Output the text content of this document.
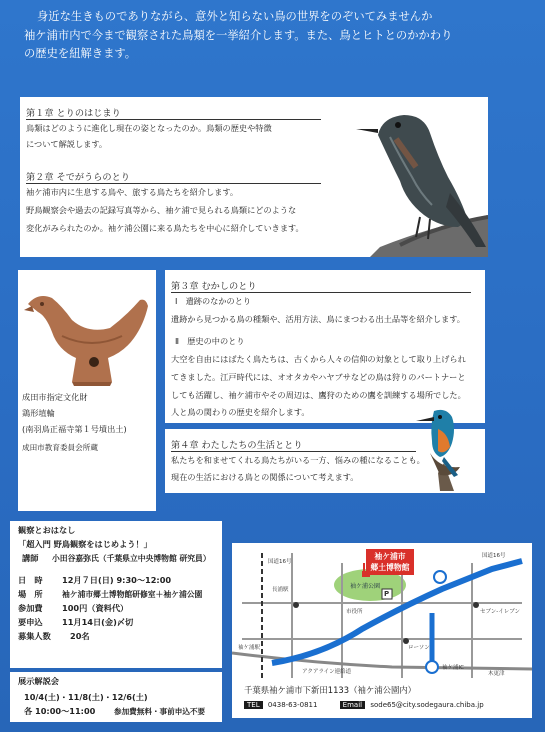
身近な生きものでありながら、意外と知らない鳥の世界をのぞいてみませんか
袖ケ浦市内で今まで観察された鳥類を一挙紹介します。また、鳥とヒトとのかかわり
の歴史を紐解きます。
第１章 とりのはじまり
鳥類はどのように進化し現在の姿となったのか。鳥類の歴史や特徴
について解説します。
第２章 そでがうらのとり
袖ケ浦市内に生息する鳥や、旅する鳥たちを紹介します。
野鳥観察会や過去の記録写真等から、袖ケ浦で見られる鳥類にどのような
変化がみられたのか。袖ケ浦公園に来る鳥たちを中心に紹介していきます。
成田市指定文化財
鶏形埴輪
(南羽鳥正福寺第１号墳出土)
成田市教育委員会所蔵
第３章 むかしのとり
Ⅰ　遺跡のなかのとり
遺跡から見つかる鳥の種類や、活用方法、鳥にまつわる出土品等を紹介します。
Ⅱ　歴史の中のとり
大空を自由にはばたく鳥たちは、古くから人々の信仰の対象として取り上げられ
てきました。江戸時代には、オオタカやハヤブサなどの鳥は狩りのパートナーと
しても活躍し、袖ケ浦市やその周辺は、鷹狩のための鷹を訓練する場所でした。
人と鳥の関わりの歴史を紹介します。
第４章 わたしたちの生活ととり
私たちを和ませてくれる鳥たちがいる一方、悩みの種になることも。
現在の生活における鳥との関係について考えます。
観察とおはなし
「超入門 野鳥観察をはじめよう！」
講師 小田谷嘉弥氏（千葉県立中央博物館 研究員）
日　時 12月７日(日) 9:30～12:00
場　所 袖ケ浦市郷土博物館研修室＋袖ケ浦公園
参加費 100円（資料代）
要申込 11月14日(金)〆切
募集人数 20名
展示解説会
10/4(土)・11/8(土)・12/6(土)
各 10:00～11:00 参加費無料・事前申込不要
袖ケ浦市
郷土博物館
袖ケ浦公園
P
国道16号
長浦駅
袖ケ浦駅
市役所	セブン-イレブン
ローソン
アクアライン連絡道
袖ケ浦IC
国道16号
木更津
千葉県袖ケ浦市下新田1133（袖ケ浦公園内）
TEL 0438-63-0811	Email sode65@city.sodegaura.chiba.jp
